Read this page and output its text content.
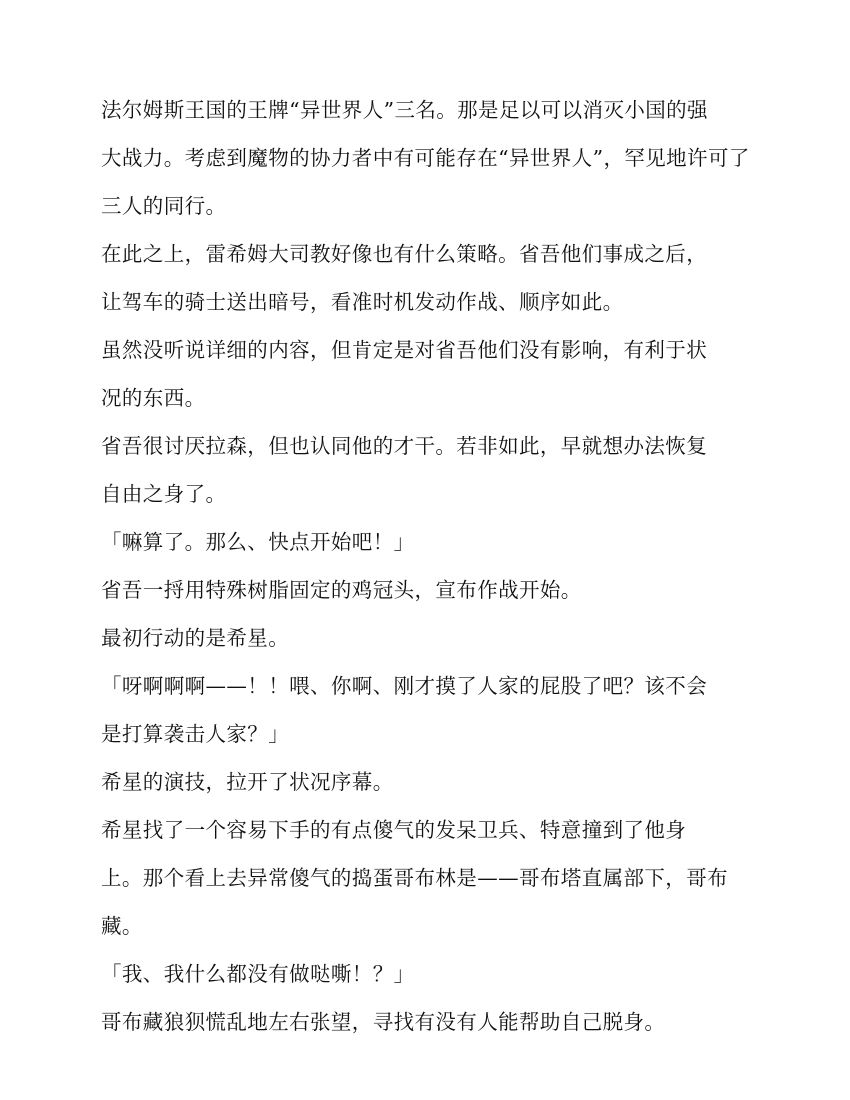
法尔姆斯王国的王牌“异世界人”三名。那是足以可以消灭小国的强
大战力。考虑到魔物的协力者中有可能存在“异世界人”，罕见地许可了
三人的同行。
在此之上，雷希姆大司教好像也有什么策略。省吾他们事成之后，
让驾车的骑士送出暗号，看准时机发动作战、顺序如此。
虽然没听说详细的内容，但肯定是对省吾他们没有影响，有利于状
况的东西。
省吾很讨厌拉森，但也认同他的才干。若非如此，早就想办法恢复
自由之身了。
「嘛算了。那么、快点开始吧！」
省吾一捋用特殊树脂固定的鸡冠头，宣布作战开始。
最初行动的是希星。
「呀啊啊啊——！！喂、你啊、刚才摸了人家的屁股了吧？该不会
是打算袭击人家？」
希星的演技，拉开了状况序幕。
希星找了一个容易下手的有点傻气的发呆卫兵、特意撞到了他身
上。那个看上去异常傻气的捣蛋哥布林是——哥布塔直属部下，哥布
藏。
「我、我什么都没有做哒嘶！？」
哥布藏狼狈慌乱地左右张望，寻找有没有人能帮助自己脱身。
